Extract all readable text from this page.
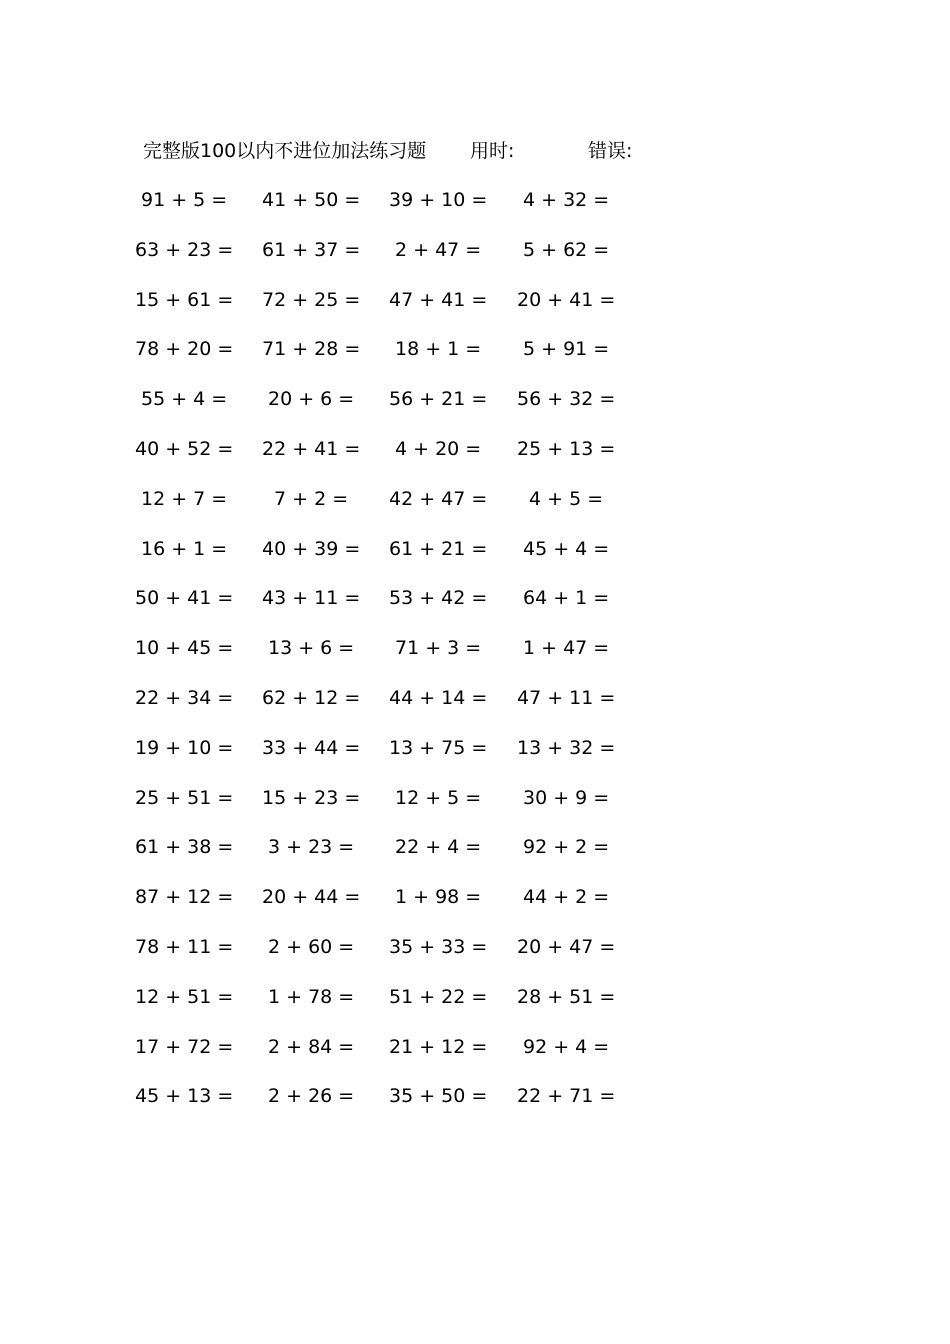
完整版100以内不进位加法练习题 用时:	错误:
91 + 5 = 41 + 50 = 39 + 10 = 4 + 32 =
63 + 23 = 61 + 37 = 2 + 47 = 5 + 62 =
15 + 61 = 72 + 25 = 47 + 41 = 20 + 41 =
78 + 20 = 71 + 28 = 18 + 1 = 5 + 91 =
55 + 4 = 20 + 6 = 56 + 21 = 56 + 32 =
40 + 52 = 22 + 41 = 4 + 20 = 25 + 13 =
12 + 7 = 7 + 2 = 42 + 47 = 4 + 5 =
16 + 1 = 40 + 39 = 61 + 21 = 45 + 4 =
50 + 41 = 43 + 11 = 53 + 42 = 64 + 1 =
10 + 45 = 13 + 6 = 71 + 3 = 1 + 47 =
22 + 34 = 62 + 12 = 44 + 14 = 47 + 11 =
19 + 10 = 33 + 44 = 13 + 75 = 13 + 32 =
25 + 51 = 15 + 23 = 12 + 5 = 30 + 9 =
61 + 38 = 3 + 23 = 22 + 4 = 92 + 2 =
87 + 12 = 20 + 44 = 1 + 98 = 44 + 2 =
78 + 11 = 2 + 60 = 35 + 33 = 20 + 47 =
12 + 51 = 1 + 78 = 51 + 22 = 28 + 51 =
17 + 72 = 2 + 84 = 21 + 12 = 92 + 4 =
45 + 13 = 2 + 26 = 35 + 50 = 22 + 71 =
